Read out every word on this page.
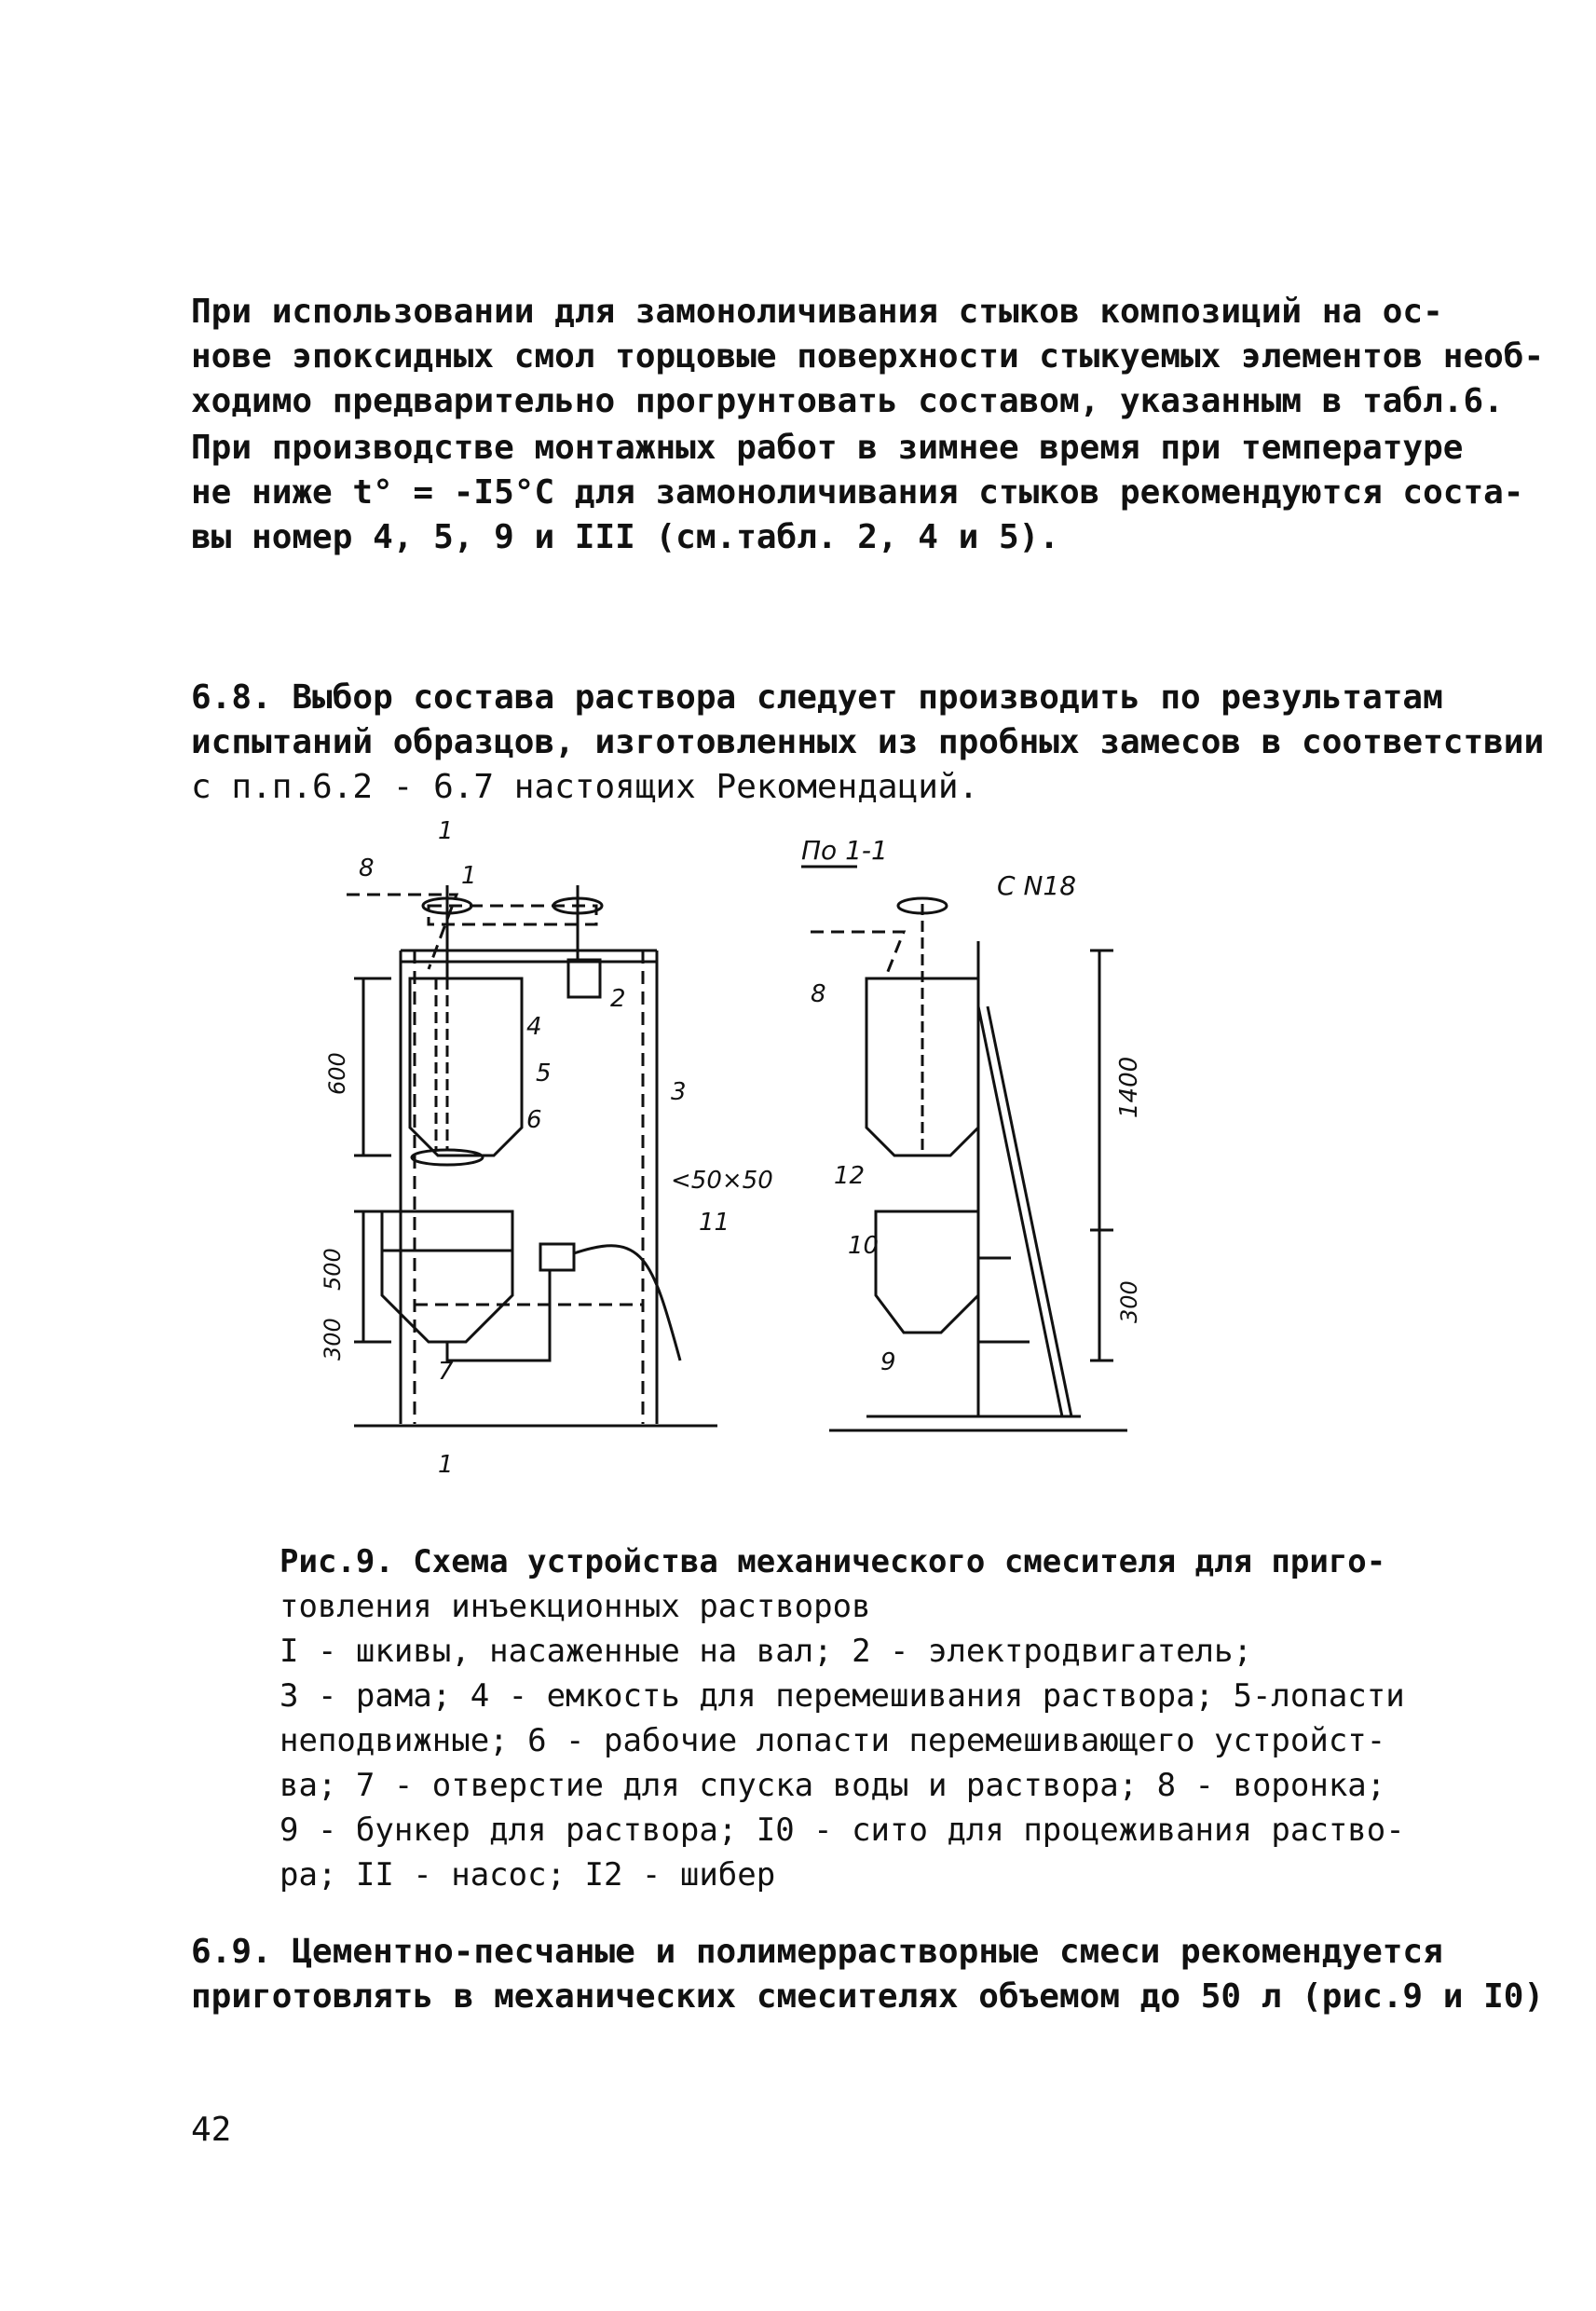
При использовании для замоноличивания стыков композиций на ос-
нове эпоксидных смол торцовые поверхности стыкуемых элементов необ-
ходимо предварительно прогрунтовать составом, указанным в табл.6.
При производстве монтажных работ в зимнее время при температуре
не ниже t° = -I5°C для замоноличивания стыков рекомендуются соста-
вы номер 4, 5, 9 и III (см.табл. 2, 4 и 5).
6.8. Выбор состава раствора следует производить по результатам
испытаний образцов, изготовленных из пробных замесов в соответствии
с п.п.6.2 - 6.7 настоящих Рекомендаций.
1
1
По 1-1
С N18
<50×50
600
500
300
1400
300
1
2
3
4
5
6
7
8
8
9
10
11
12
Рис.9. Схема устройства механического смесителя для приго-
товления инъекционных растворов
I - шкивы, насаженные на вал; 2 - электродвигатель;
3 - рама; 4 - емкость для перемешивания раствора; 5-лопасти
неподвижные; 6 - рабочие лопасти перемешивающего устройст-
ва; 7 - отверстие для спуска воды и раствора; 8 - воронка;
9 - бункер для раствора; I0 - сито для процеживания раство-
ра; II - насос; I2 - шибер
6.9. Цементно-песчаные и полимеррастворные смеси рекомендуется
приготовлять в механических смесителях объемом до 50 л (рис.9 и I0)
42
